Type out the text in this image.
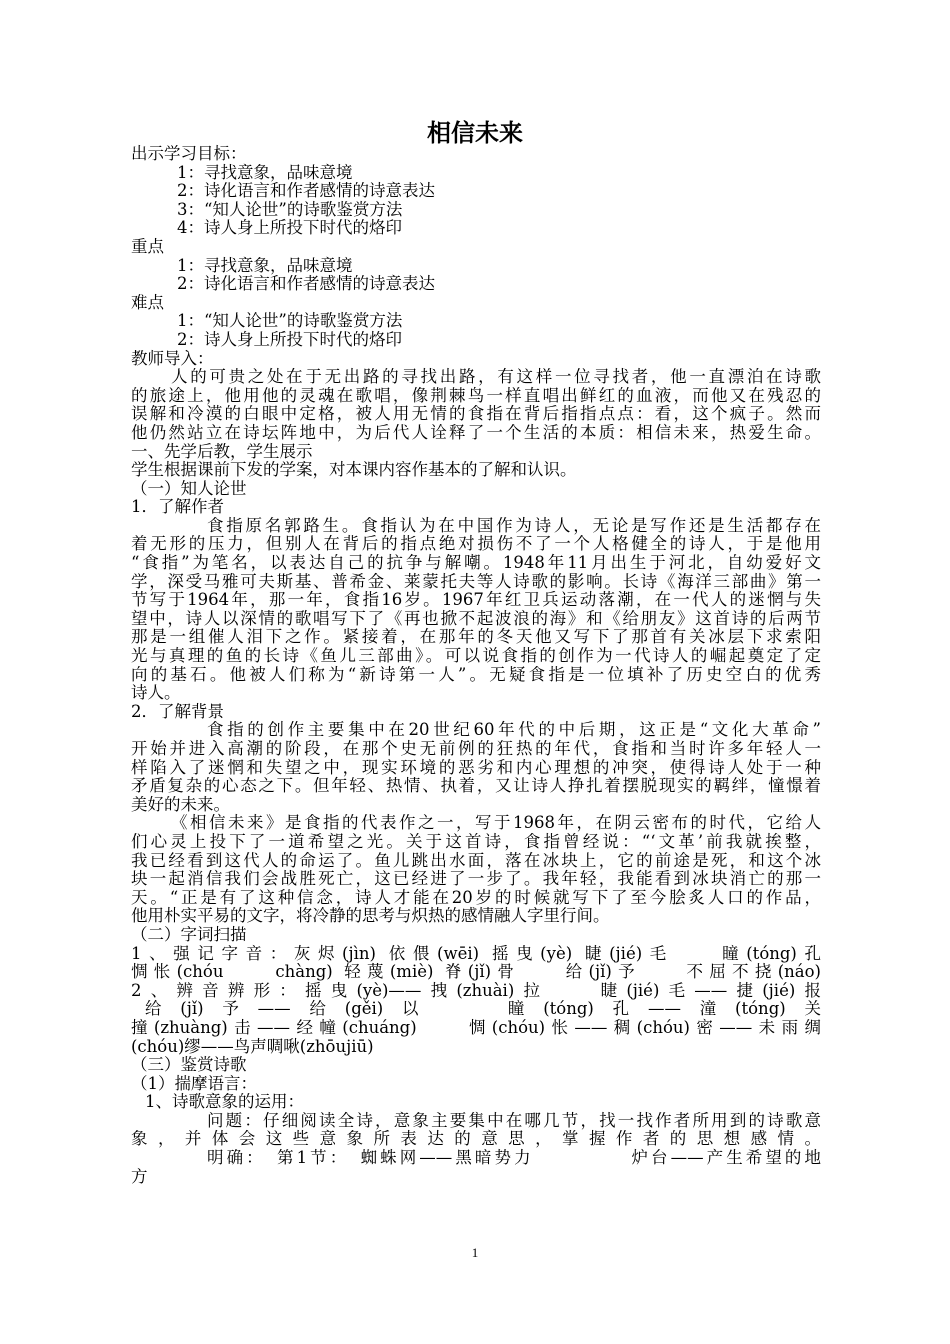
相信未来
出示学习目标：
1：寻找意象，品味意境
2：诗化语言和作者感情的诗意表达
3：“知人论世”的诗歌鉴赏方法
4：诗人身上所投下时代的烙印
重点
1：寻找意象，品味意境
2：诗化语言和作者感情的诗意表达
难点
1：“知人论世”的诗歌鉴赏方法
2：诗人身上所投下时代的烙印
教师导入：
人的可贵之处在于无出路的寻找出路，有这样一位寻找者，他一直漂泊在诗歌
的旅途上，他用他的灵魂在歌唱，像荆棘鸟一样直唱出鲜红的血液，而他又在残忍的
误解和冷漠的白眼中定格，被人用无情的食指在背后指指点点：看，这个疯子。然而
他仍然站立在诗坛阵地中，为后代人诠释了一个生活的本质：相信未来，热爱生命。
一、先学后教，学生展示
学生根据课前下发的学案，对本课内容作基本的了解和认识。
（一）知人论世
1．了解作者
食指原名郭路生。食指认为在中国作为诗人，无论是写作还是生活都存在
着无形的压力，但别人在背后的指点绝对损伤不了一个人格健全的诗人，于是他用
“食指”为笔名，以表达自己的抗争与解嘲。1948年11月出生于河北，自幼爱好文
学，深受马雅可夫斯基、普希金、莱蒙托夫等人诗歌的影响。长诗《海洋三部曲》第一
节写于1964年，那一年，食指16岁。1967年红卫兵运动落潮，在一代人的迷惘与失
望中，诗人以深情的歌唱写下了《再也掀不起波浪的海》和《给朋友》这首诗的后两节
那是一组催人泪下之作。紧接着，在那年的冬天他又写下了那首有关冰层下求索阳
光与真理的鱼的长诗《鱼儿三部曲》。可以说食指的创作为一代诗人的崛起奠定了定
向的基石。他被人们称为“新诗第一人”。无疑食指是一位填补了历史空白的优秀
诗人。
2．了解背景
食指的创作主要集中在20世纪60年代的中后期，这正是“文化大革命”
开始并进入高潮的阶段，在那个史无前例的狂热的年代，食指和当时许多年轻人一
样陷入了迷惘和失望之中，现实环境的恶劣和内心理想的冲突，使得诗人处于一种
矛盾复杂的心态之下。但年轻、热情、执着，又让诗人挣扎着摆脱现实的羁绊，憧憬着
美好的未来。
《相信未来》是食指的代表作之一，写于1968年，在阴云密布的时代，它给人
们心灵上投下了一道希望之光。关于这首诗，食指曾经说：“‘文革’前我就挨整，
我已经看到这代人的命运了。鱼儿跳出水面，落在冰块上，它的前途是死，和这个冰
块一起消信我们会战胜死亡，这已经进了一步了。我年轻，我能看到冰块消亡的那一
天。“正是有了这种信念，诗人才能在20岁的时候就写下了至今脍炙人口的作品，
他用朴实平易的文字，将冷静的思考与炽热的感情融人字里行间。
（二）字词扫描
1、强记字音：灰烬(jìn) 依偎(wēi) 摇曳(yè) 睫(jié)毛　　瞳(tóng)孔
惆怅(chóu　　chàng) 轻蔑(miè) 脊(jǐ)骨　　给(jǐ)予　　不屈不挠(náo)
2、辨音辨形：摇曳(yè)——拽(zhuài)拉　　睫(jié)毛——捷(jié)报
给(jǐ)予——给(gěi)以　　瞳(tóng)孔——潼(tóng)关
撞(zhuàng)击——经幢(chuáng)　　惆(chóu)怅——稠(chóu)密——未雨绸
(chóu)缪——鸟声啁啾(zhōujiū)
（三）鉴赏诗歌
（1）揣摩语言：
1、诗歌意象的运用：
问题：仔细阅读全诗，意象主要集中在哪几节，找一找作者所用到的诗歌意
象，并体会这些意象所表达的意思，掌握作者的思想感情。
明确：　第1节：　蜘蛛网——黑暗势力　　　　　炉台——产生希望的地
方
1
